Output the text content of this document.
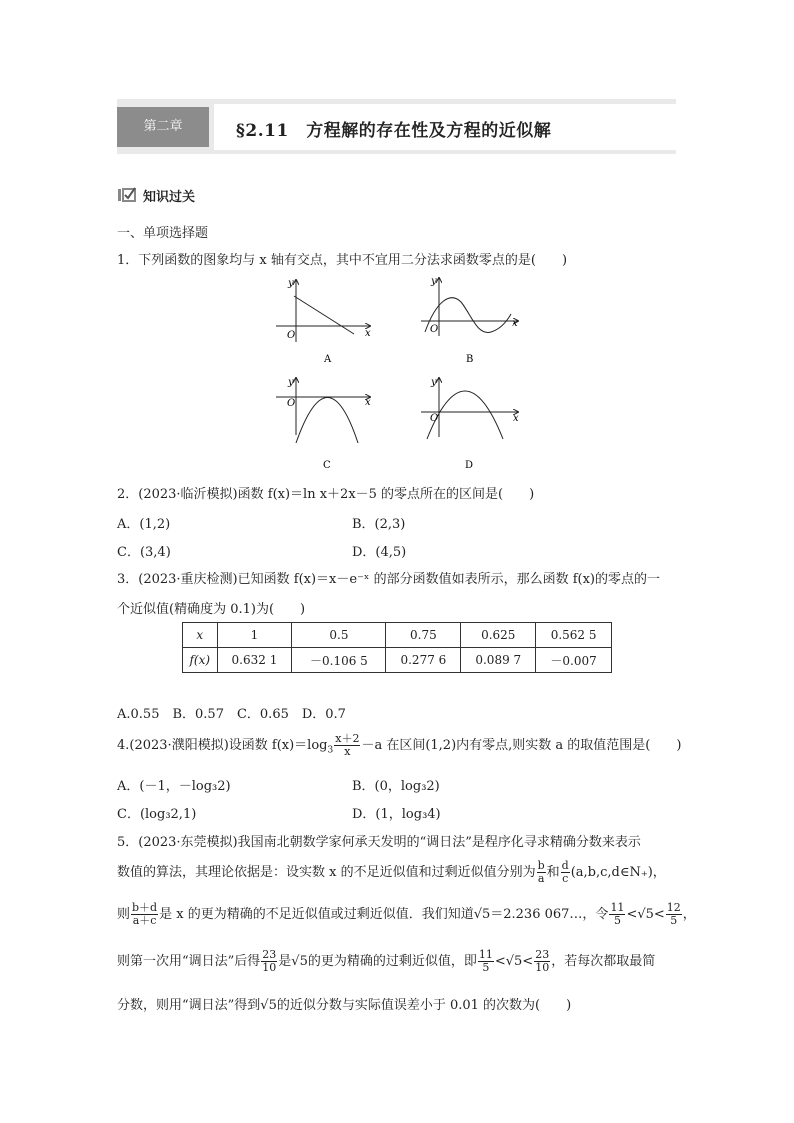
第二章	§2.11　方程解的存在性及方程的近似解
知识过关
一、单项选择题
1．下列函数的图象均与 x 轴有交点，其中不宜用二分法求函数零点的是(　　)
y
x
O
A
y
x
O
B
y
x
O
C
y
x
O
D
2．(2023·临沂模拟)函数 f(x)＝ln x＋2x－5 的零点所在的区间是(　　)
A．(1,2)	B．(2,3)
C．(3,4)	D．(4,5)
3．(2023·重庆检测)已知函数 f(x)＝x－e⁻ˣ 的部分函数值如表所示，那么函数 f(x)的零点的一
个近似值(精确度为 0.1)为(　　)
x	1	0.5	0.75	0.625	0.562 5
f(x)	0.632 1	－0.106 5	0.277 6	0.089 7	－0.007
A.0.55　B．0.57　C．0.65　D．0.7
4.(2023·濮阳模拟)设函数 $f(x)=\log_3 \frac{x+2}{x} -a$ 在区间(1,2)内有零点,则实数 a 的取值范围是(　　)
A．(－1，－log₃2)	B．(0，log₃2)
C．(log₃2,1)	D．(1，log₃4)
5．(2023·东莞模拟)我国南北朝数学家何承天发明的“调日法”是程序化寻求精确分数来表示
数值的算法，其理论依据是：设实数 x 的不足近似值和过剩近似值分别为 $\frac{b}{a}$ 和 $\frac{d}{c}$ (a,b,c,d∈N₊)，
则 $\frac{b+d}{a+c}$ 是 x 的更为精确的不足近似值或过剩近似值．我们知道√5＝2.236 067…，令 $\frac{11}{5} <√5< \frac{12}{5}$ ，
则第一次用“调日法”后得 $\frac{23}{10}$ 是√5的更为精确的过剩近似值，即 $\frac{11}{5} <√5< \frac{23}{10}$ ，若每次都取最简
分数，则用“调日法”得到√5的近似分数与实际值误差小于 0.01 的次数为(　　)
